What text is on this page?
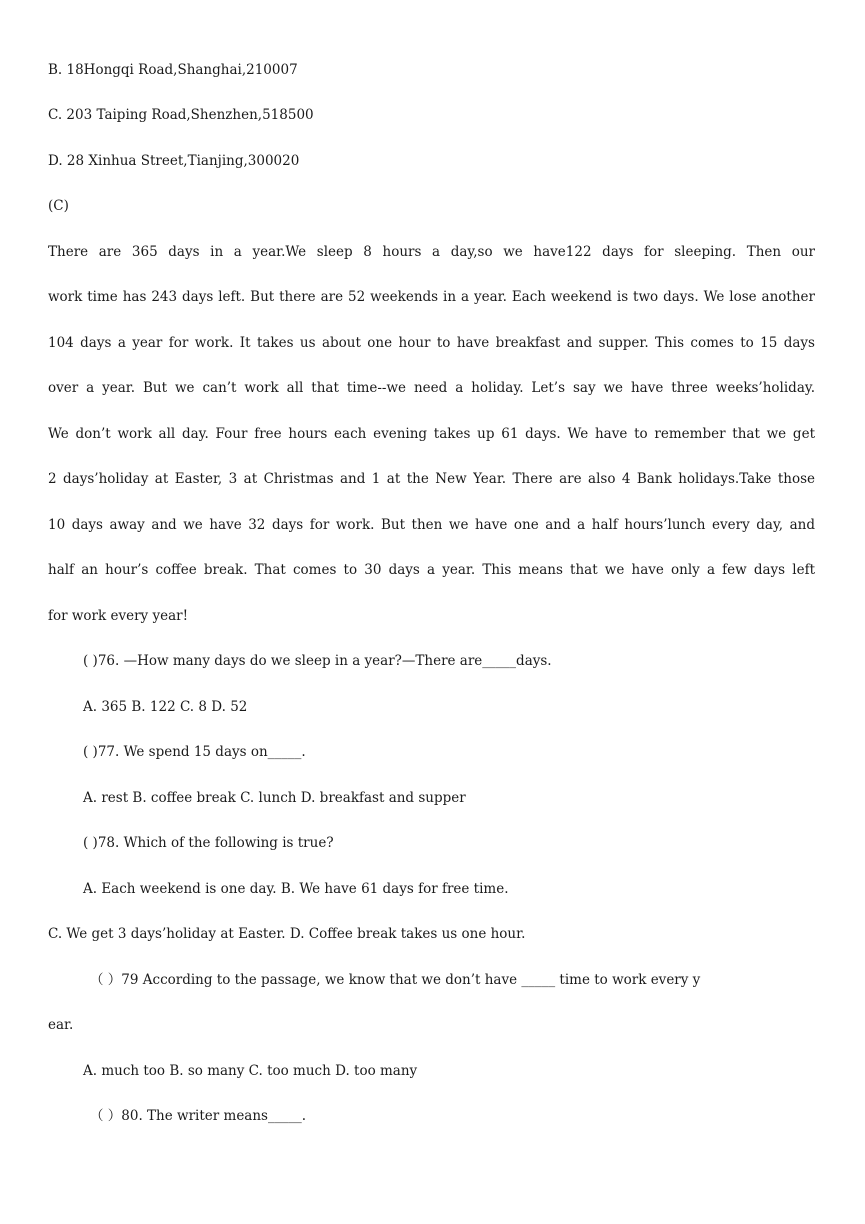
B. 18Hongqi Road,Shanghai,210007
C. 203 Taiping Road,Shenzhen,518500
D. 28 Xinhua Street,Tianjing,300020
(C)
There are 365 days in a year.We sleep 8 hours a day,so we have122 days for sleeping. Then our
work time has 243 days left. But there are 52 weekends in a year. Each weekend is two days. We lose another
104 days a year for work. It takes us about one hour to have breakfast and supper. This comes to 15 days
over a year. But we can’t work all that time--we need a holiday. Let’s say we have three weeks’holiday.
We don’t work all day. Four free hours each evening takes up 61 days. We have to remember that we get
2 days’holiday at Easter, 3 at Christmas and 1 at the New Year. There are also 4 Bank holidays.Take those
10 days away and we have 32 days for work. But then we have one and a half hours’lunch every day, and
half an hour’s coffee break. That comes to 30 days a year. This means that we have only a few days left
for work every year!
( )76. —How many days do we sleep in a year?—There are_____days.
A. 365 B. 122 C. 8 D. 52
( )77. We spend 15 days on_____.
A. rest B. coffee break C. lunch D. breakfast and supper
( )78. Which of the following is true?
A. Each weekend is one day. B. We have 61 days for free time.
C. We get 3 days’holiday at Easter. D. Coffee break takes us one hour.
（ ）79 According to the passage, we know that we don’t have _____ time to work every y
ear.
A. much too B. so many C. too much D. too many
（ ）80. The writer means_____.
